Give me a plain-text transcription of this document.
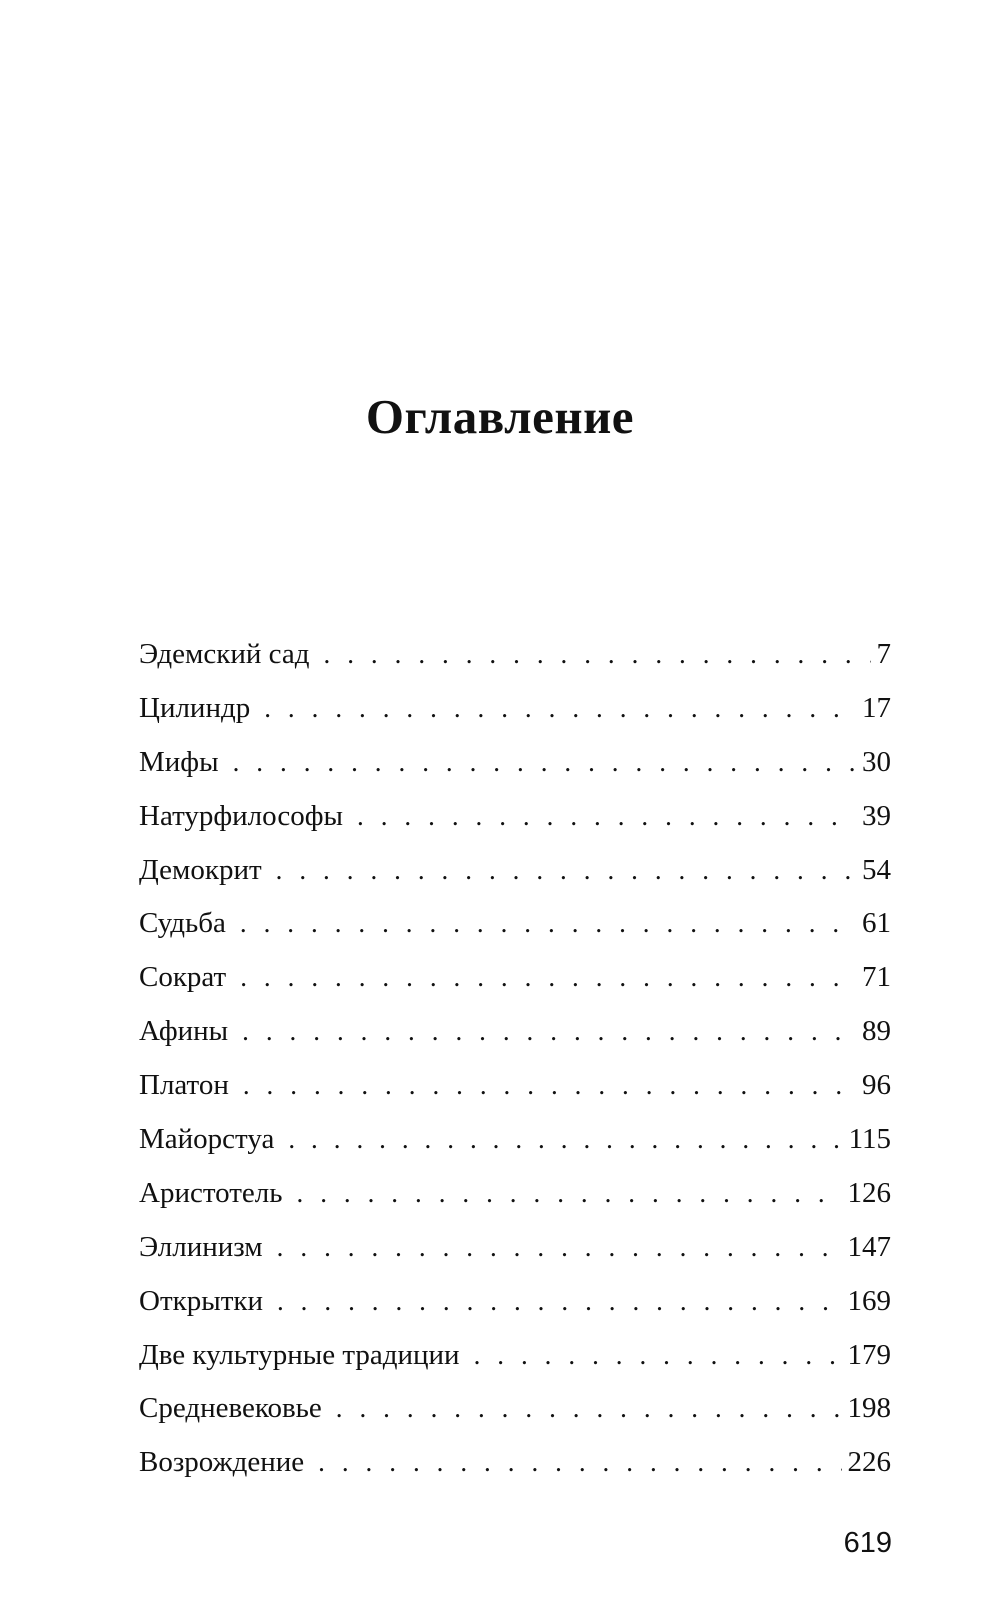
Оглавление
Эдемский сад . . .	7
Цилиндр . . .	17
Мифы . . .	30
Натурфилософы . . .	39
Демокрит . . .	54
Судьба . . .	61
Сократ . . .	71
Афины . . .	89
Платон . . .	96
Майорстуа . . .	115
Аристотель . . .	126
Эллинизм . . .	147
Открытки . . .	169
Две культурные традиции . . .	179
Средневековье . . .	198
Возрождение . . .	226
619
